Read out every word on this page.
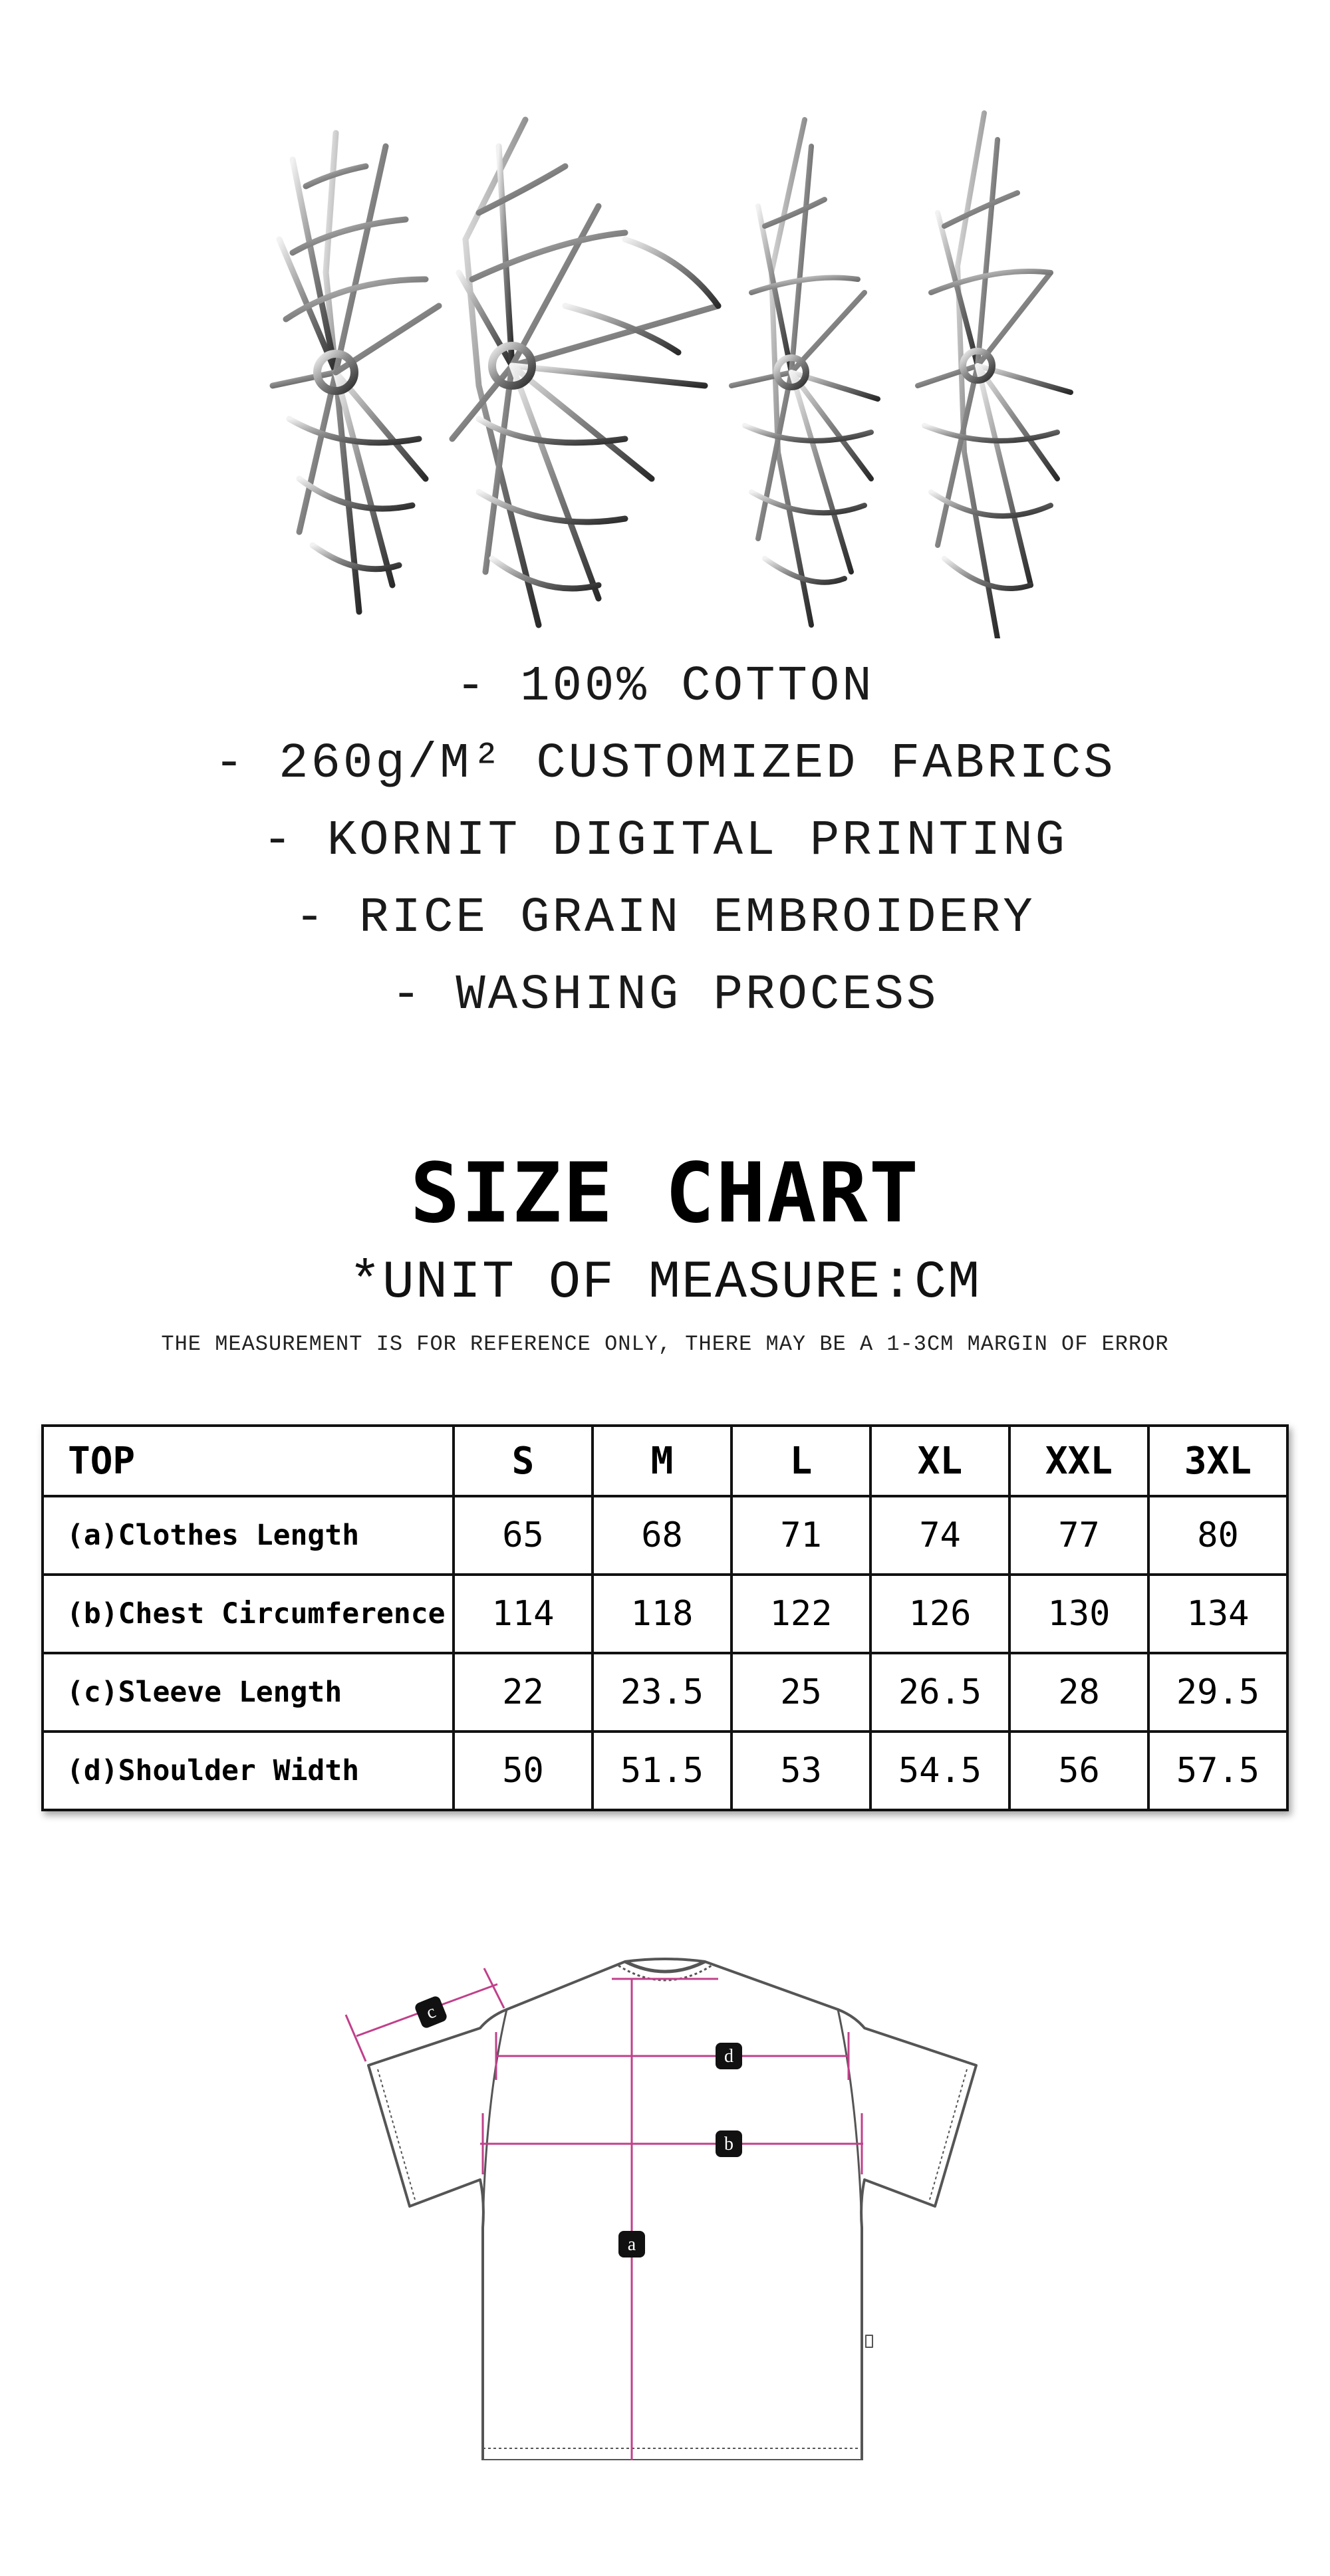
- 100% COTTON
- 260g/M² CUSTOMIZED FABRICS
- KORNIT DIGITAL PRINTING
- RICE GRAIN EMBROIDERY
- WASHING PROCESS
SIZE CHART
*UNIT OF MEASURE:CM
THE MEASUREMENT IS FOR REFERENCE ONLY, THERE MAY BE A 1-3CM MARGIN OF ERROR
TOP	S	M	L	XL	XXL	3XL
(a)Clothes Length	65	68	71	74	77	80
(b)Chest Circumference	114	118	122	126	130	134
(c)Sleeve Length	22	23.5	25	26.5	28	29.5
(d)Shoulder Width	50	51.5	53	54.5	56	57.5
a
b
c
d
